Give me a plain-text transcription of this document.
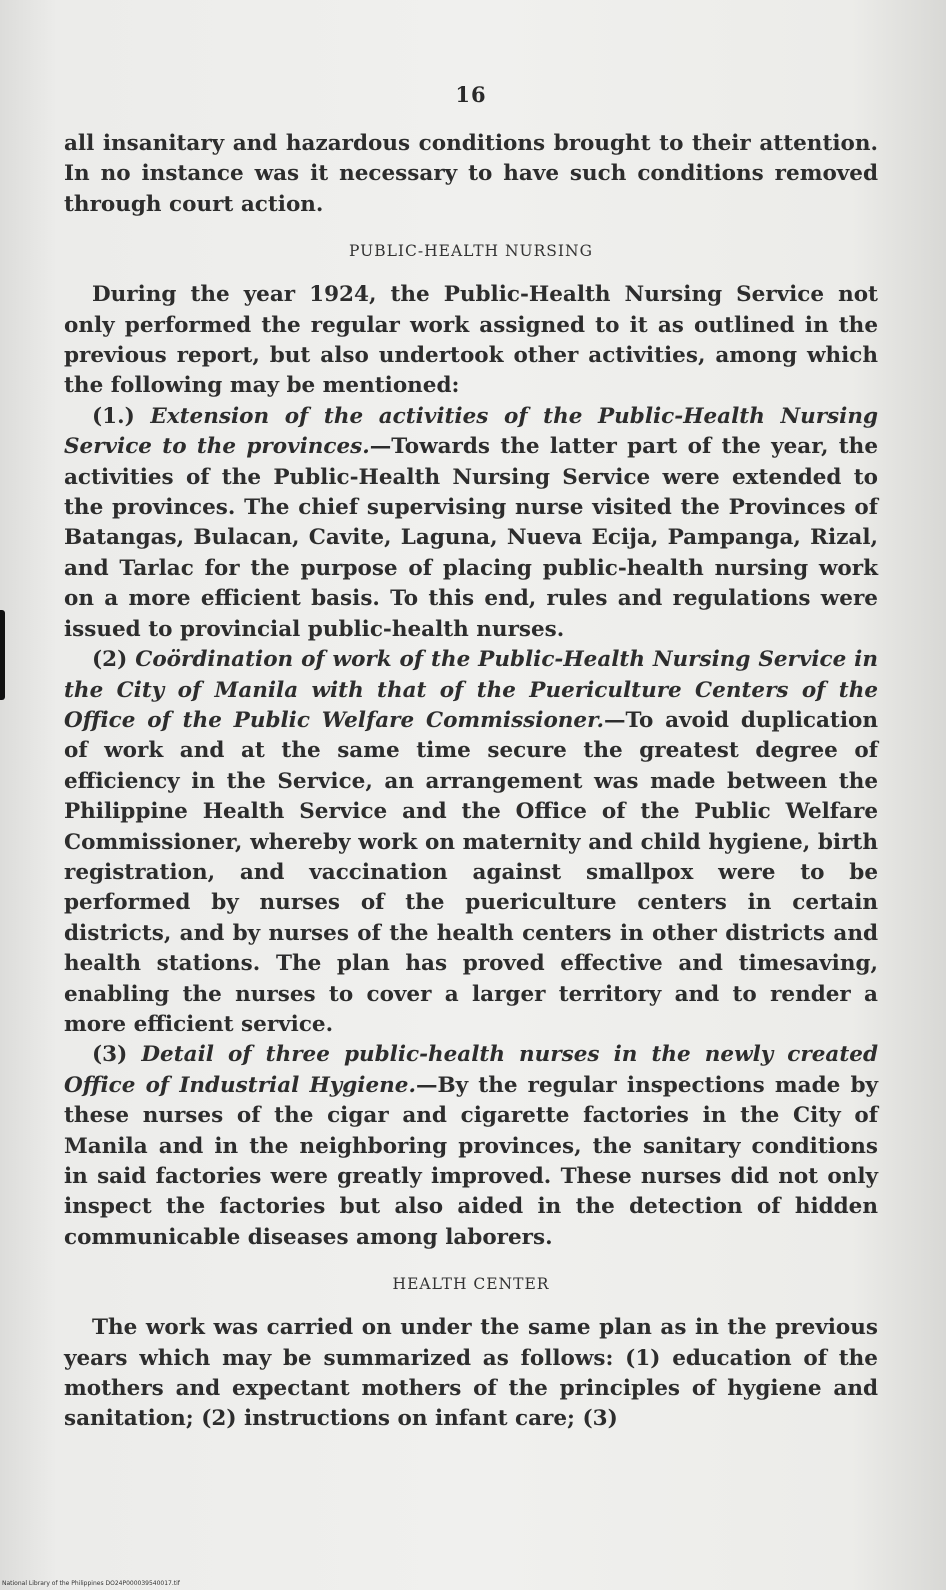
16

all insanitary and hazardous conditions brought to their attention. In no instance was it necessary to have such conditions removed through court action.

PUBLIC-HEALTH NURSING

During the year 1924, the Public-Health Nursing Service not only performed the regular work assigned to it as outlined in the previous report, but also undertook other activities, among which the following may be mentioned:

(1.) Extension of the activities of the Public-Health Nursing Service to the provinces.—Towards the latter part of the year, the activities of the Public-Health Nursing Service were extended to the provinces. The chief supervising nurse visited the Provinces of Batangas, Bulacan, Cavite, Laguna, Nueva Ecija, Pampanga, Rizal, and Tarlac for the purpose of placing public-health nursing work on a more efficient basis. To this end, rules and regulations were issued to provincial public-health nurses.

(2) Coördination of work of the Public-Health Nursing Service in the City of Manila with that of the Puericulture Centers of the Office of the Public Welfare Commissioner.—To avoid duplication of work and at the same time secure the greatest degree of efficiency in the Service, an arrangement was made between the Philippine Health Service and the Office of the Public Welfare Commissioner, whereby work on maternity and child hygiene, birth registration, and vaccination against smallpox were to be performed by nurses of the puericulture centers in certain districts, and by nurses of the health centers in other districts and health stations. The plan has proved effective and timesaving, enabling the nurses to cover a larger territory and to render a more efficient service.

(3) Detail of three public-health nurses in the newly created Office of Industrial Hygiene.—By the regular inspections made by these nurses of the cigar and cigarette factories in the City of Manila and in the neighboring provinces, the sanitary conditions in said factories were greatly improved. These nurses did not only inspect the factories but also aided in the detection of hidden communicable diseases among laborers.

HEALTH CENTER

The work was carried on under the same plan as in the previous years which may be summarized as follows: (1) education of the mothers and expectant mothers of the principles of hygiene and sanitation; (2) instructions on infant care; (3)

National Library of the Philippines DO24P000039540017.tif
